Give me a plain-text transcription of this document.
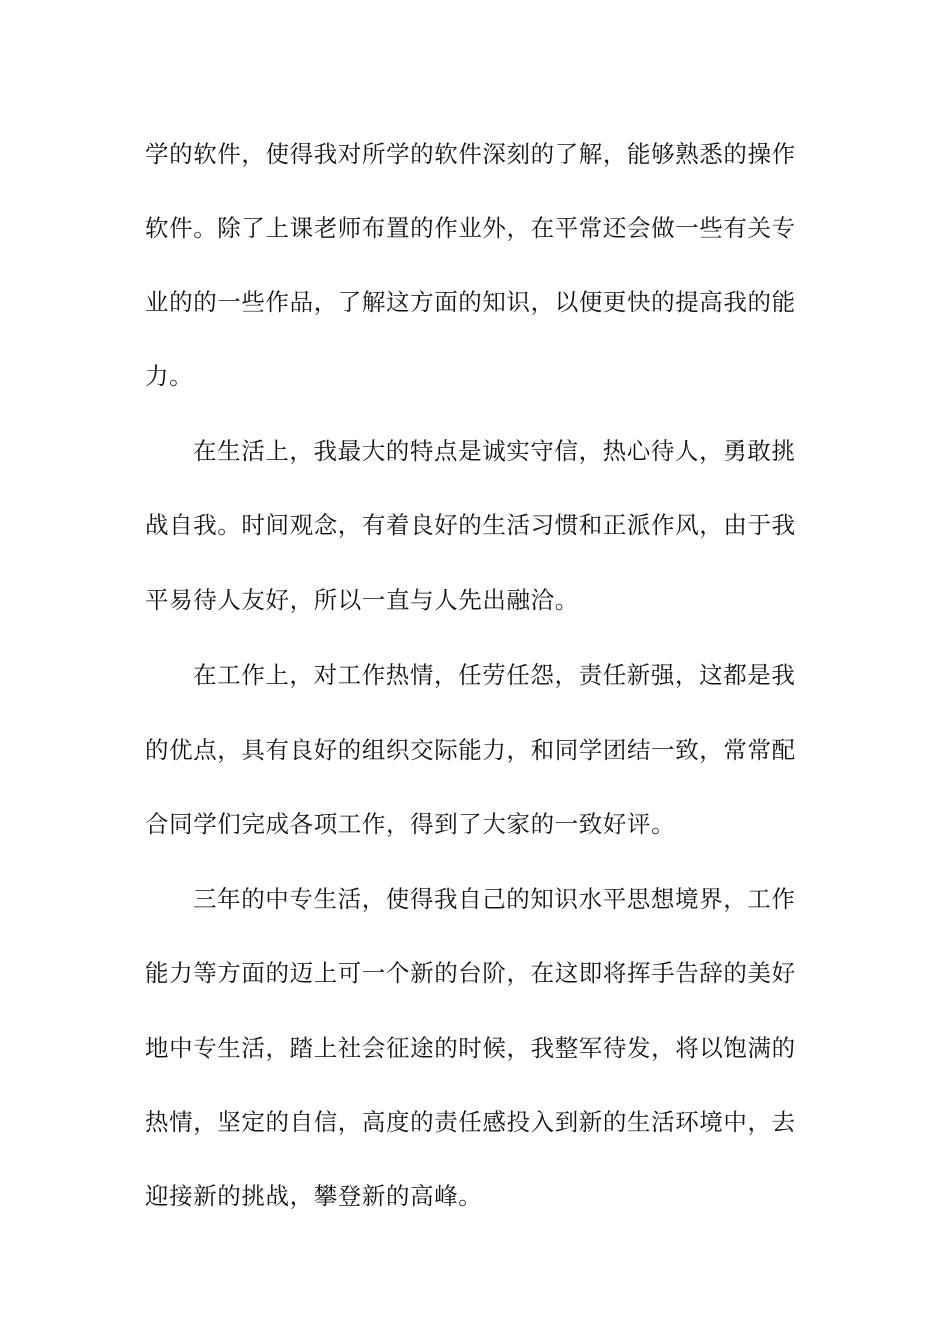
学的软件，使得我对所学的软件深刻的了解，能够熟悉的操作

软件。除了上课老师布置的作业外，在平常还会做一些有关专

业的的一些作品，了解这方面的知识，以便更快的提高我的能

力。

在生活上，我最大的特点是诚实守信，热心待人，勇敢挑

战自我。时间观念，有着良好的生活习惯和正派作风，由于我

平易待人友好，所以一直与人先出融洽。

在工作上，对工作热情，任劳任怨，责任新强，这都是我

的优点，具有良好的组织交际能力，和同学团结一致，常常配

合同学们完成各项工作，得到了大家的一致好评。

三年的中专生活，使得我自己的知识水平思想境界，工作

能力等方面的迈上可一个新的台阶，在这即将挥手告辞的美好

地中专生活，踏上社会征途的时候，我整军待发，将以饱满的

热情，坚定的自信，高度的责任感投入到新的生活环境中，去

迎接新的挑战，攀登新的高峰。
